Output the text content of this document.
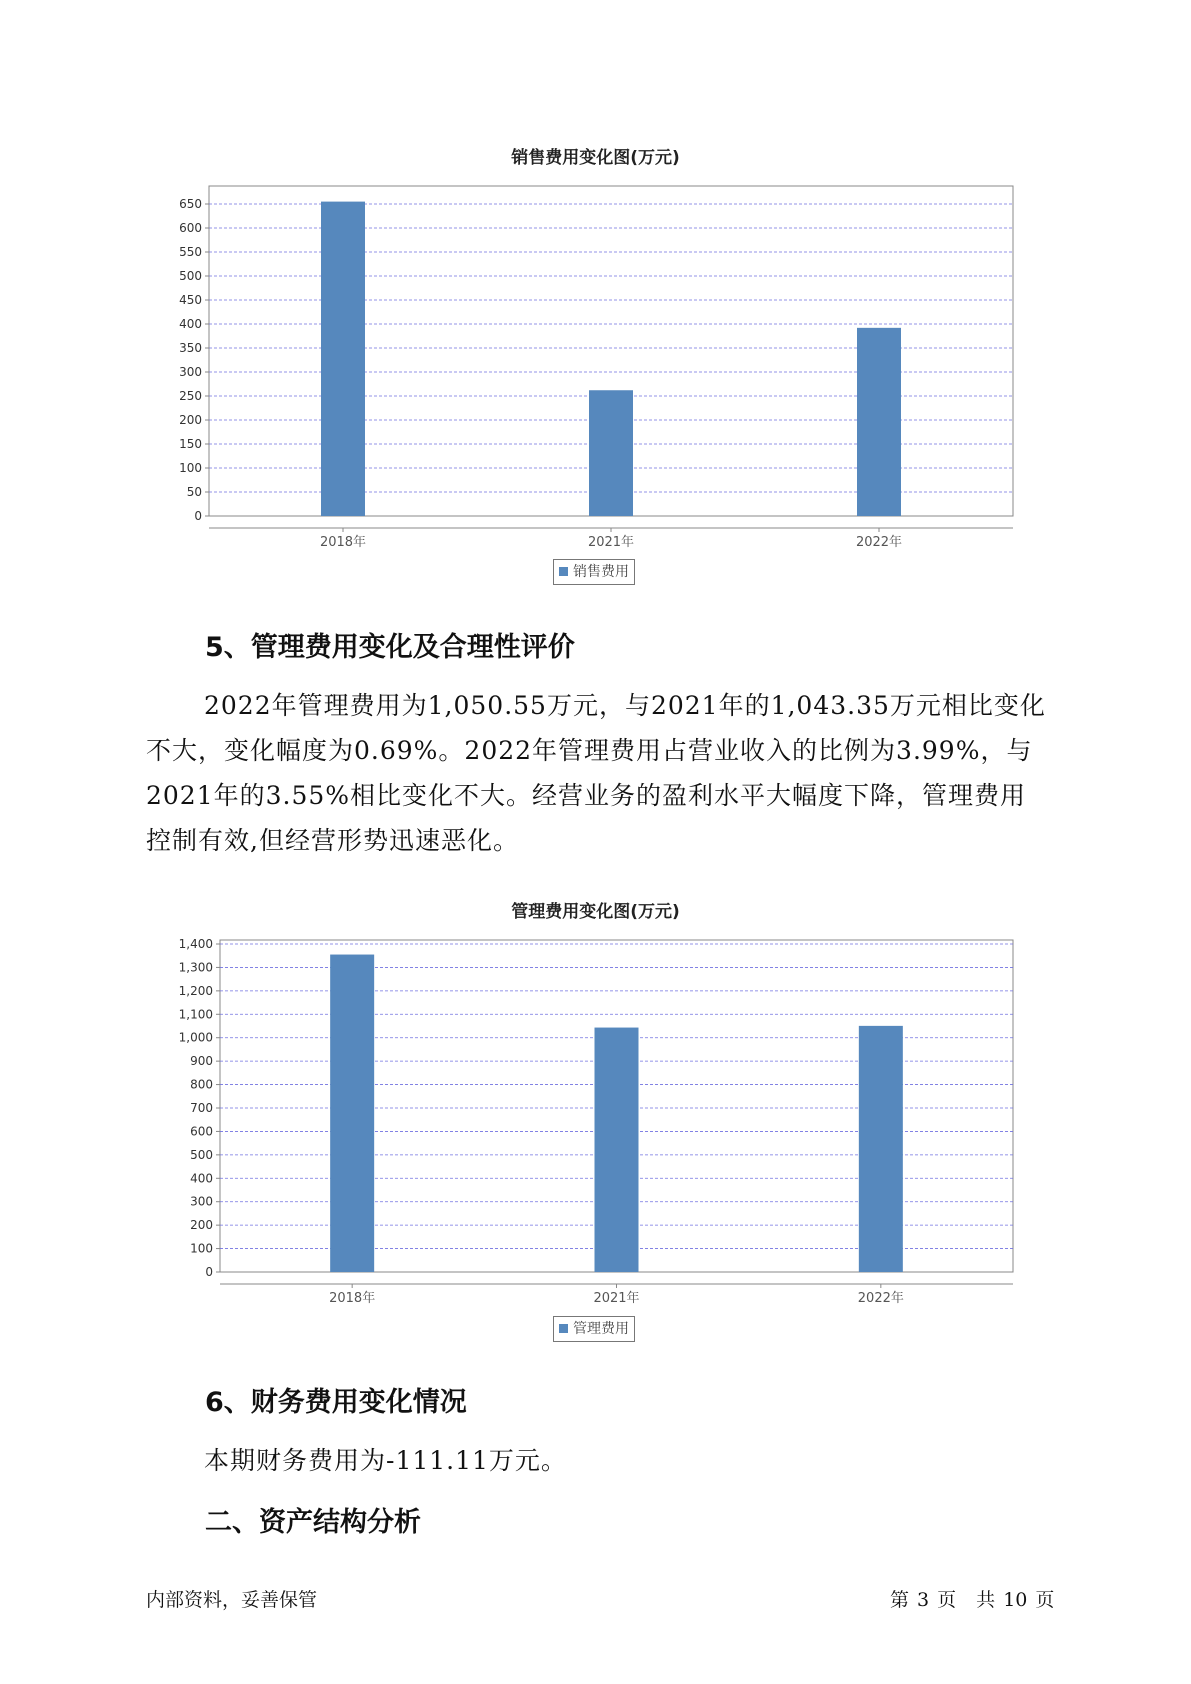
销售费用变化图(万元)
0
50
100
150
200
250
300
350
400
450
500
550
600
650
2018年	2021年	2022年
0
100
200
300
400
500
600
700
800
900
1,000
1,100
1,200
1,300
1,400
2018年	2021年	2022年
销售费用
5、管理费用变化及合理性评价
2022年管理费用为1,050.55万元，与2021年的1,043.35万元相比变化
不大，变化幅度为0.69%。2022年管理费用占营业收入的比例为3.99%，与
2021年的3.55%相比变化不大。经营业务的盈利水平大幅度下降，管理费用
控制有效,但经营形势迅速恶化。
管理费用变化图(万元)
管理费用
6、财务费用变化情况
本期财务费用为-111.11万元。
二、资产结构分析
内部资料，妥善保管	第 3 页 共 10 页
